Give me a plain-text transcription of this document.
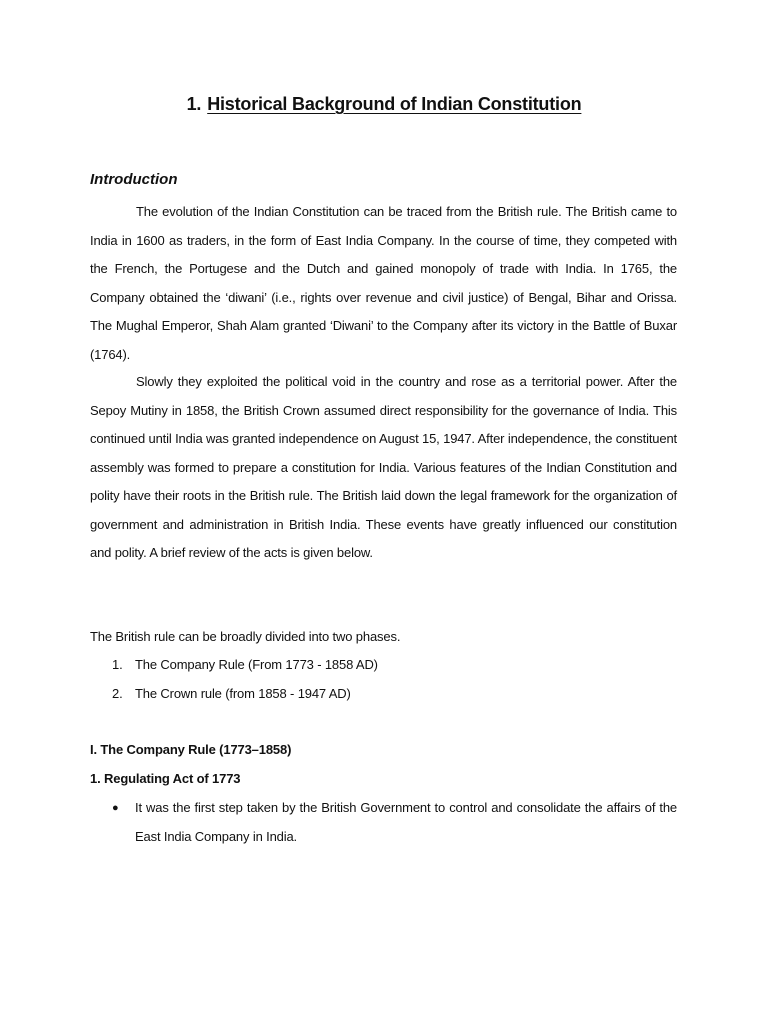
1. Historical Background of Indian Constitution
Introduction
The evolution of the Indian Constitution can be traced from the British rule. The British came to India in 1600 as traders, in the form of East India Company. In the course of time, they competed with the French, the Portugese and the Dutch and gained monopoly of trade with India. In 1765, the Company obtained the ‘diwani’ (i.e., rights over revenue and civil justice) of Bengal, Bihar and Orissa. The Mughal Emperor, Shah Alam granted ‘Diwani’ to the Company after its victory in the Battle of Buxar (1764).
Slowly they exploited the political void in the country and rose as a territorial power. After the Sepoy Mutiny in 1858, the British Crown assumed direct responsibility for the governance of India. This continued until India was granted independence on August 15, 1947. After independence, the constituent assembly was formed to prepare a constitution for India. Various features of the Indian Constitution and polity have their roots in the British rule. The British laid down the legal framework for the organization of government and administration in British India. These events have greatly influenced our constitution and polity. A brief review of the acts is given below.
The British rule can be broadly divided into two phases.
1. The Company Rule (From 1773 - 1858 AD)
2. The Crown rule (from 1858 - 1947 AD)
I. The Company Rule (1773–1858)
1. Regulating Act of 1773
●	It was the first step taken by the British Government to control and consolidate the affairs of the East India Company in India.
